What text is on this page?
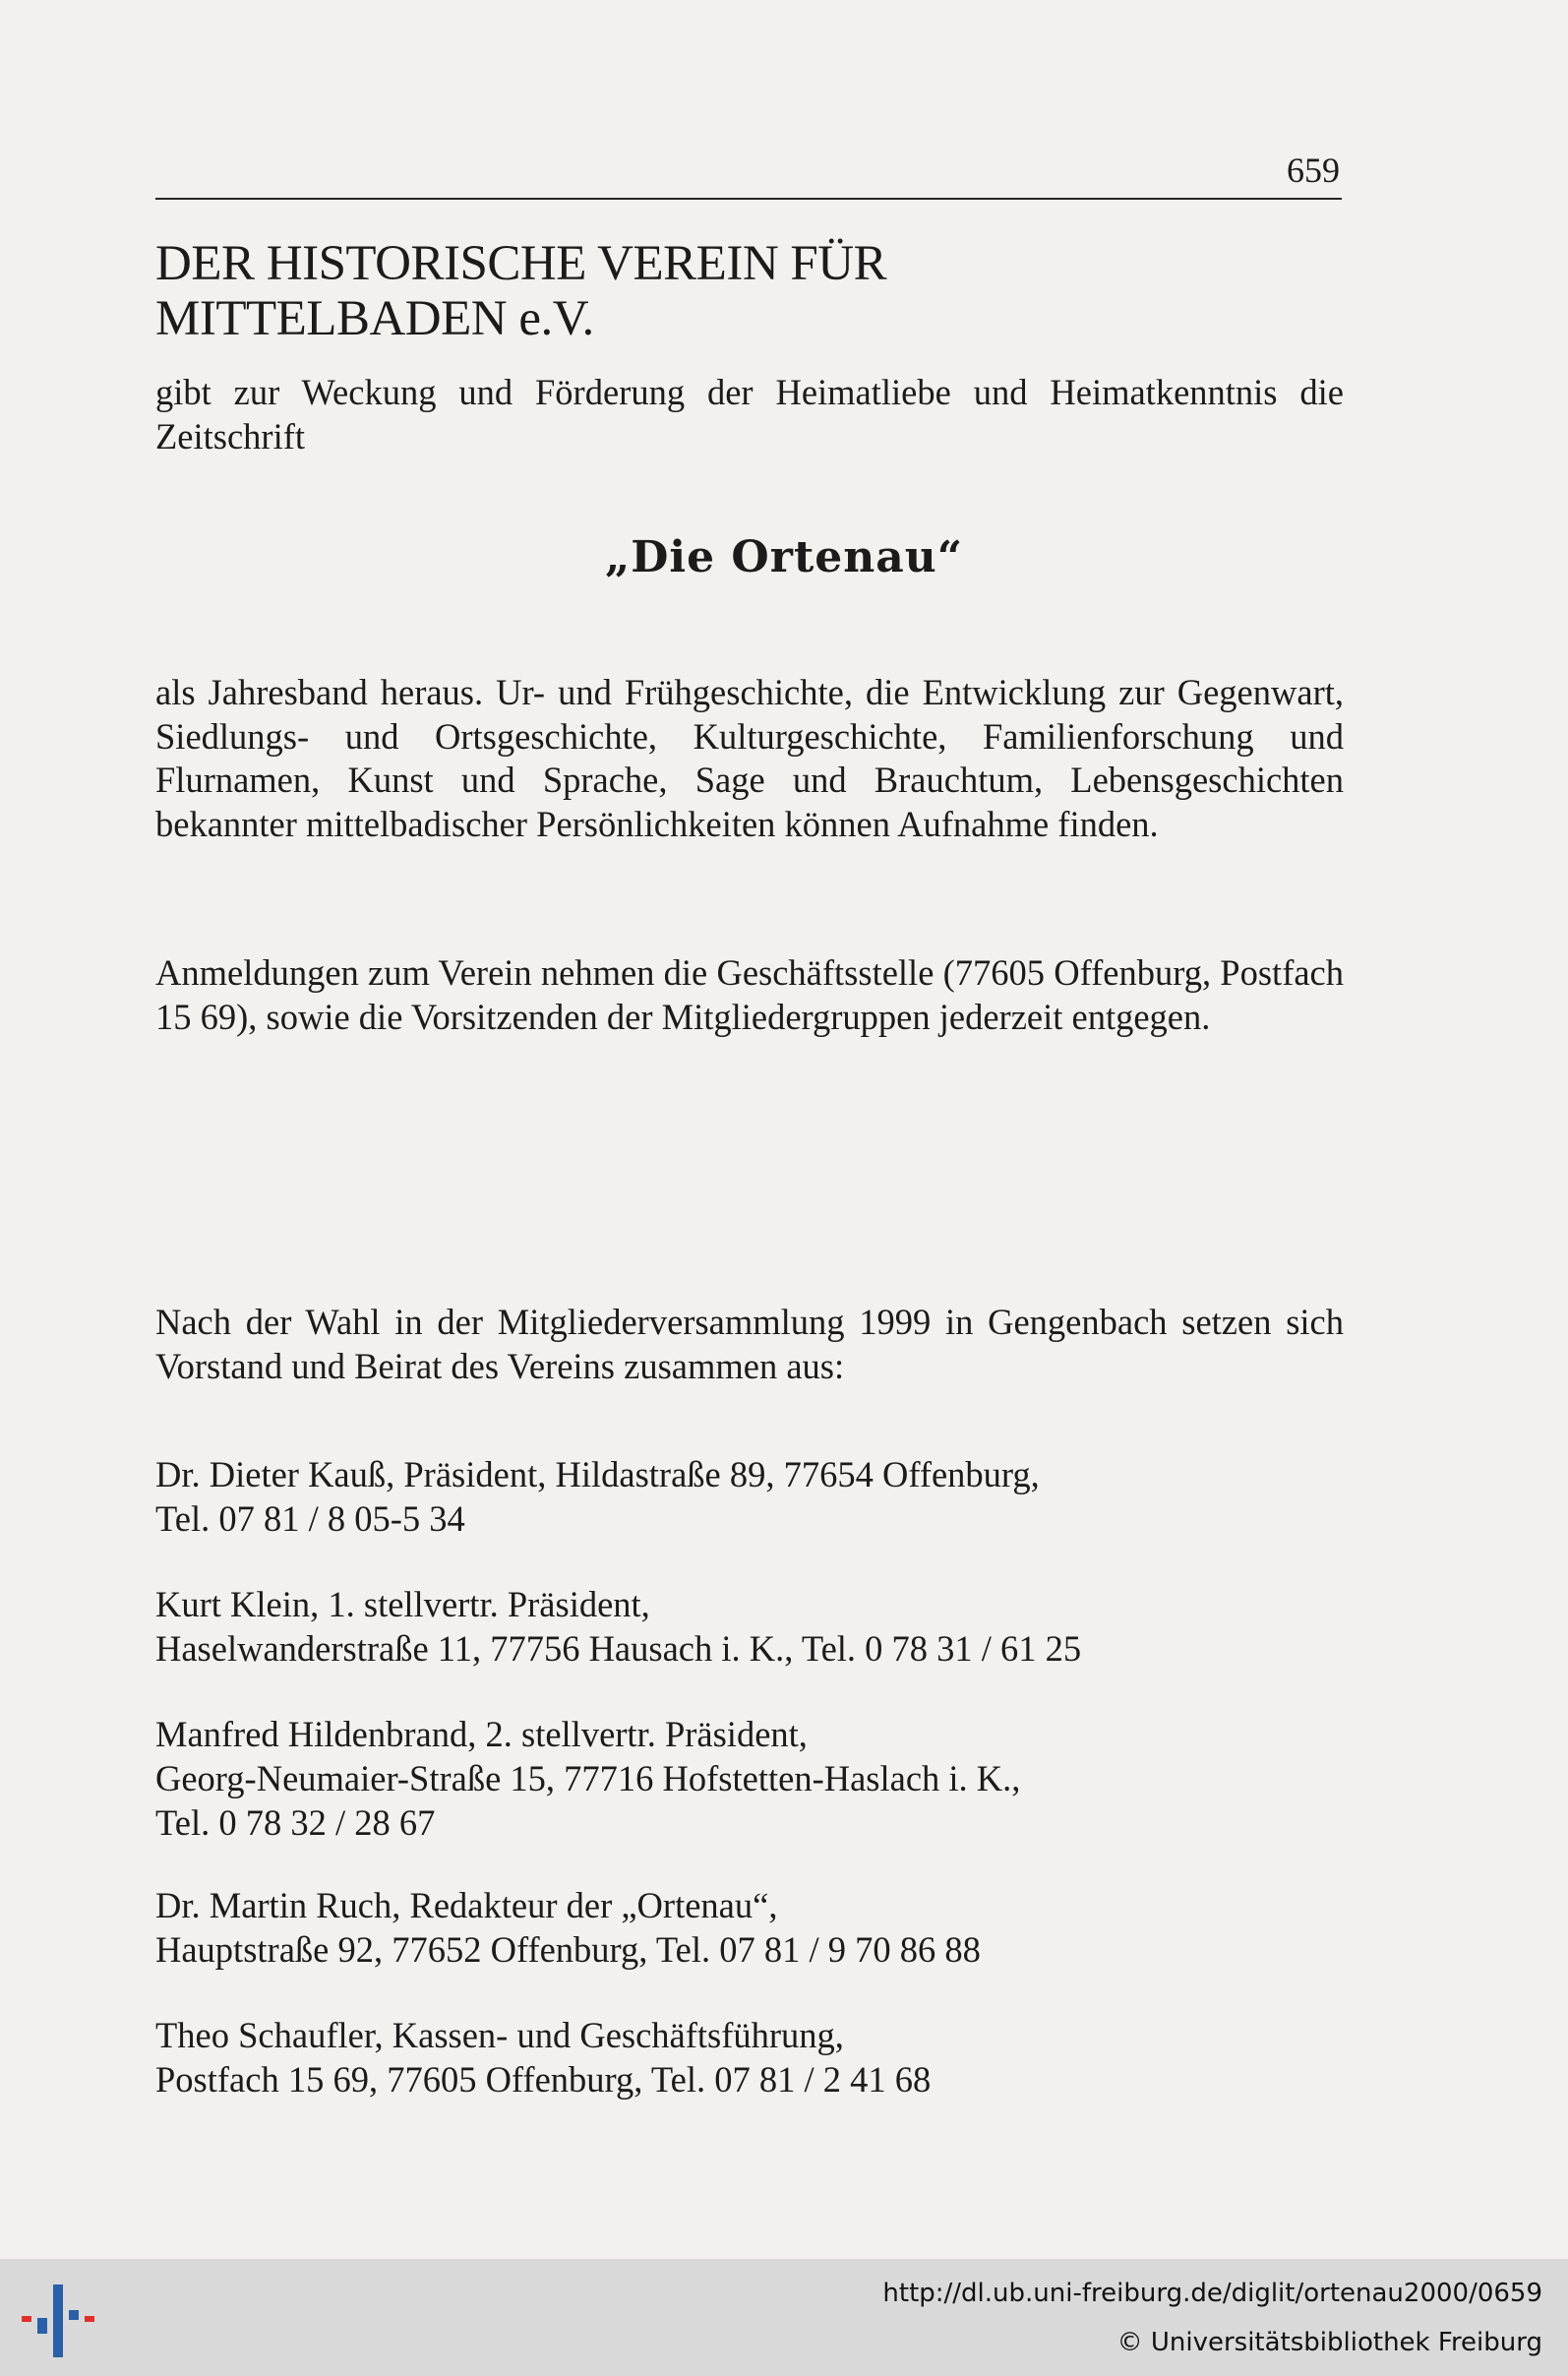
659
DER HISTORISCHE VEREIN FÜR
MITTELBADEN e.V.
gibt zur Weckung und Förderung der Heimatliebe und Heimatkenntnis die Zeitschrift
„Die Ortenau“
als Jahresband heraus. Ur- und Frühgeschichte, die Entwicklung zur Gegenwart, Siedlungs- und Ortsgeschichte, Kulturgeschichte, Familienforschung und Flurnamen, Kunst und Sprache, Sage und Brauchtum, Lebensgeschichten bekannter mittelbadischer Persönlichkeiten können Aufnahme finden.
Anmeldungen zum Verein nehmen die Geschäftsstelle (77605 Offenburg, Postfach 15 69), sowie die Vorsitzenden der Mitgliedergruppen jederzeit entgegen.
Nach der Wahl in der Mitgliederversammlung 1999 in Gengenbach setzen sich Vorstand und Beirat des Vereins zusammen aus:
Dr. Dieter Kauß, Präsident, Hildastraße 89, 77654 Offenburg,
Tel. 07 81 / 8 05-5 34
Kurt Klein, 1. stellvertr. Präsident,
Haselwanderstraße 11, 77756 Hausach i. K., Tel. 0 78 31 / 61 25
Manfred Hildenbrand, 2. stellvertr. Präsident,
Georg-Neumaier-Straße 15, 77716 Hofstetten-Haslach i. K.,
Tel. 0 78 32 / 28 67
Dr. Martin Ruch, Redakteur der „Ortenau“,
Hauptstraße 92, 77652 Offenburg, Tel. 07 81 / 9 70 86 88
Theo Schaufler, Kassen- und Geschäftsführung,
Postfach 15 69, 77605 Offenburg, Tel. 07 81 / 2 41 68
http://dl.ub.uni-freiburg.de/diglit/ortenau2000/0659
© Universitätsbibliothek Freiburg
